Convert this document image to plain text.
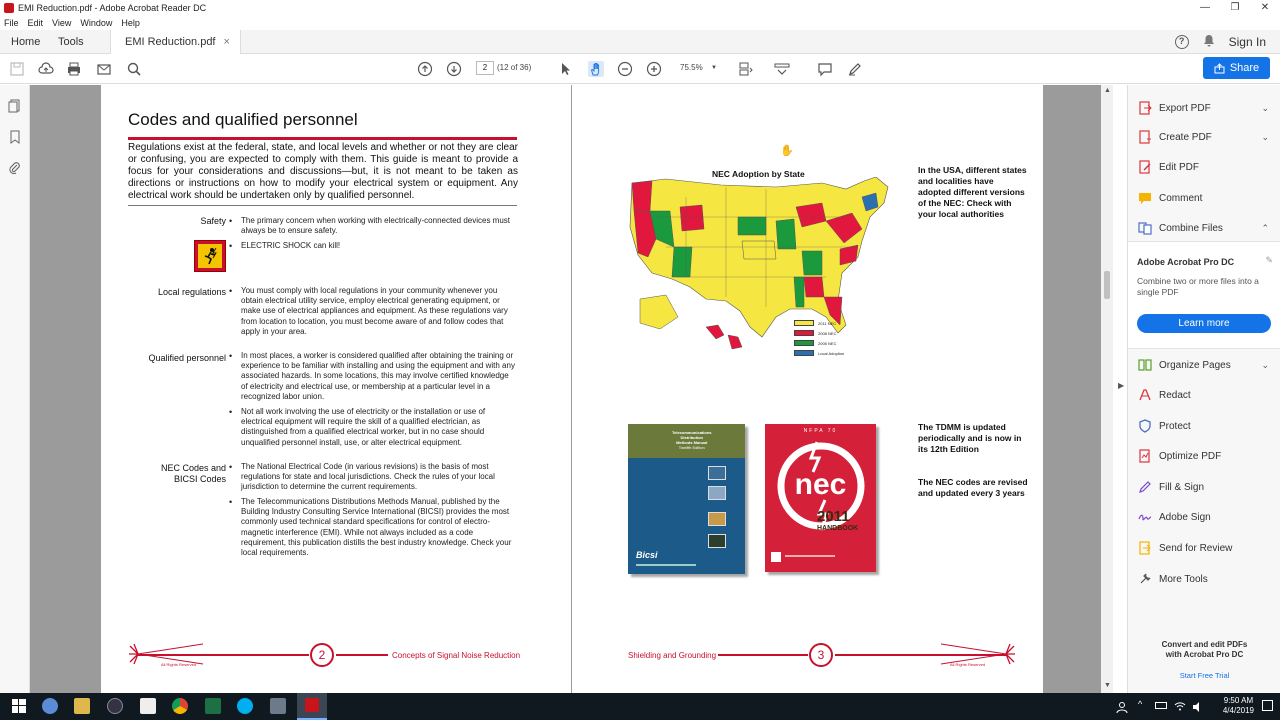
EMI Reduction.pdf - Adobe Acrobat Reader DC	—	❐	✕
File Edit View Window Help
Home Tools	EMI Reduction.pdf ×	?	Sign In
2	(12 of 36)	75.5% ▼	Share
Codes and qualified personnel
Regulations exist at the federal, state, and local levels and whether or not they are clear or confusing, you are expected to comply with them. This guide is meant to provide a focus for your considerations and discussions—but, it is not meant to be taken as directions or instructions on how to modify your electrical system or equipment. Any electrical work should be undertaken only by qualified personnel.
Safety • The primary concern when working with electrically-connected devices must always be to ensure safety.
• ELECTRIC SHOCK can kill!
Local regulations • You must comply with local regulations in your community whenever you obtain electrical utility service, employ electrical generating equipment, or make use of electrical appliances and equipment. As these regulations vary from location to location, you must become aware of and follow codes that apply in your area.
Qualified personnel • In most places, a worker is considered qualified after obtaining the training or experience to be familiar with installing and using the equipment and with any associated hazards. In some locations, this may involve certified knowledge of electricity and electrical use, or membership at a particular level in a recognized labor union.
• Not all work involving the use of electricity or the installation or use of electrical equipment will require the skill of a qualified electrician, as distinguished from a qualified electrical worker, but in no case should unqualified personnel install, use, or alter electrical equipment.
NEC Codes and
BICSI Codes
• The National Electrical Code (in various revisions) is the basis of most regulations for state and local jurisdictions. Check the rules of your local jurisdiction to determine the current requirements.
• The Telecommunications Distributions Methods Manual, published by the Building Industry Consulting Service International (BICSI) provides the most commonly used technical standard specifications for control of electro-magnetic interference (EMI). While not always included as a code requirement, this publication distills the best industry knowledge. Check your local requirements.
2	Concepts of Signal Noise Reduction
All Rights Reserved
✋
NEC Adoption by State
2011 NEC
2008 NEC
2005 NEC
Local Adoption
In the USA, different states and localities have adopted different versions of the NEC: Check with your local authorities
The TDMM is updated periodically and is now in its 12th Edition
The NEC codes are revised and updated every 3 years
Telecommunications
Distribution
Methods Manual
Twelfth Edition
Bicsi
NFPA 70
nec
2011
HANDBOOK
Shielding and Grounding	3
All Rights Reserved
▲
▼
▶
Export PDF	⌄
Create PDF	⌄
Edit PDF
Comment
Combine Files	⌃
Adobe Acrobat Pro DC	✎
Combine two or more files into a single PDF
Learn more
Organize Pages	⌄
Redact
Protect
Optimize PDF
Fill & Sign
Adobe Sign
Send for Review
More Tools
Convert and edit PDFs
with Acrobat Pro DC
Start Free Trial
^	9:50 AM
4/4/2019
